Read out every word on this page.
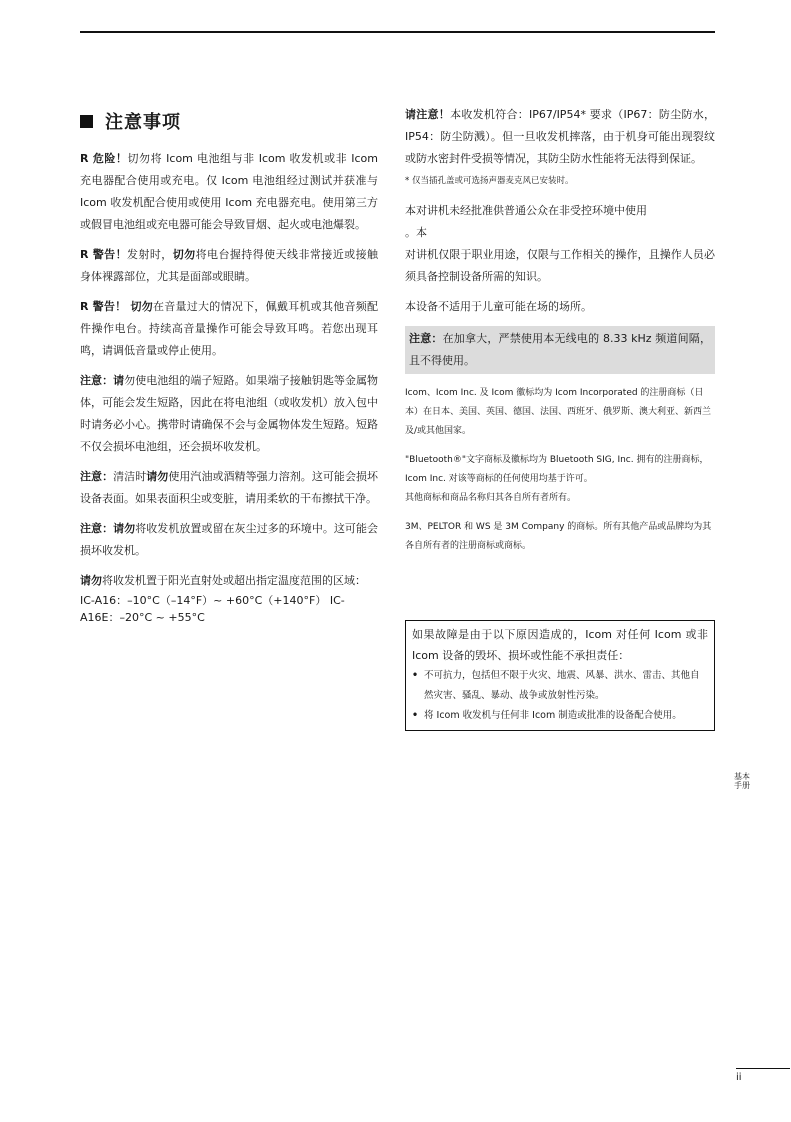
注意事项

R 危险！切勿将 Icom 电池组与非 Icom 收发机或非 Icom 充电器配合使用或充电。仅 Icom 电池组经过测试并获准与 Icom 收发机配合使用或使用 Icom 充电器充电。使用第三方或假冒电池组或充电器可能会导致冒烟、起火或电池爆裂。

R 警告！发射时，切勿将电台握持得使天线非常接近或接触身体裸露部位，尤其是面部或眼睛。

R 警告！ 切勿在音量过大的情况下，佩戴耳机或其他音频配件操作电台。持续高音量操作可能会导致耳鸣。若您出现耳鸣，请调低音量或停止使用。

注意：请勿使电池组的端子短路。如果端子接触钥匙等金属物体，可能会发生短路，因此在将电池组（或收发机）放入包中时请务必小心。携带时请确保不会与金属物体发生短路。短路不仅会损坏电池组，还会损坏收发机。

注意：清洁时请勿使用汽油或酒精等强力溶剂。这可能会损坏设备表面。如果表面积尘或变脏，请用柔软的干布擦拭干净。

注意：请勿将收发机放置或留在灰尘过多的环境中。这可能会损坏收发机。

请勿将收发机置于阳光直射处或超出指定温度范围的区域：

IC-A16：–10°C（–14°F）~ +60°C（+140°F） IC-A16E：–20°C ~ +55°C

请注意！本收发机符合：IP67/IP54* 要求（IP67：防尘防水，IP54：防尘防溅）。但一旦收发机摔落，由于机身可能出现裂纹或防水密封件受损等情况，其防尘防水性能将无法得到保证。

* 仅当插孔盖或可选扬声器麦克风已安装时。

本对讲机未经批准供普通公众在非受控环境中使用
。本
对讲机仅限于职业用途，仅限与工作相关的操作，且操作人员必须具备控制设备所需的知识。

本设备不适用于儿童可能在场的场所。

注意：在加拿大，严禁使用本无线电的 8.33 kHz 频道间隔，且不得使用。

Icom、Icom Inc. 及 Icom 徽标均为 Icom Incorporated 的注册商标（日本）在日本、美国、英国、德国、法国、西班牙、俄罗斯、澳大利亚、新西兰及/或其他国家。

"Bluetooth®"文字商标及徽标均为 Bluetooth SIG, Inc. 拥有的注册商标，Icom Inc. 对该等商标的任何使用均基于许可。

其他商标和商品名称归其各自所有者所有。

3M、PELTOR 和 WS 是 3M Company 的商标。所有其他产品或品牌均为其各自所有者的注册商标或商标。

如果故障是由于以下原因造成的，Icom 对任何 Icom 或非 Icom 设备的毁坏、损坏或性能不承担责任：

• 不可抗力，包括但不限于火灾、地震、风暴、洪水、雷击、其他自然灾害、骚乱、暴动、战争或放射性污染。
• 将 Icom 收发机与任何非 Icom 制造或批准的设备配合使用。
基本手册
ii
